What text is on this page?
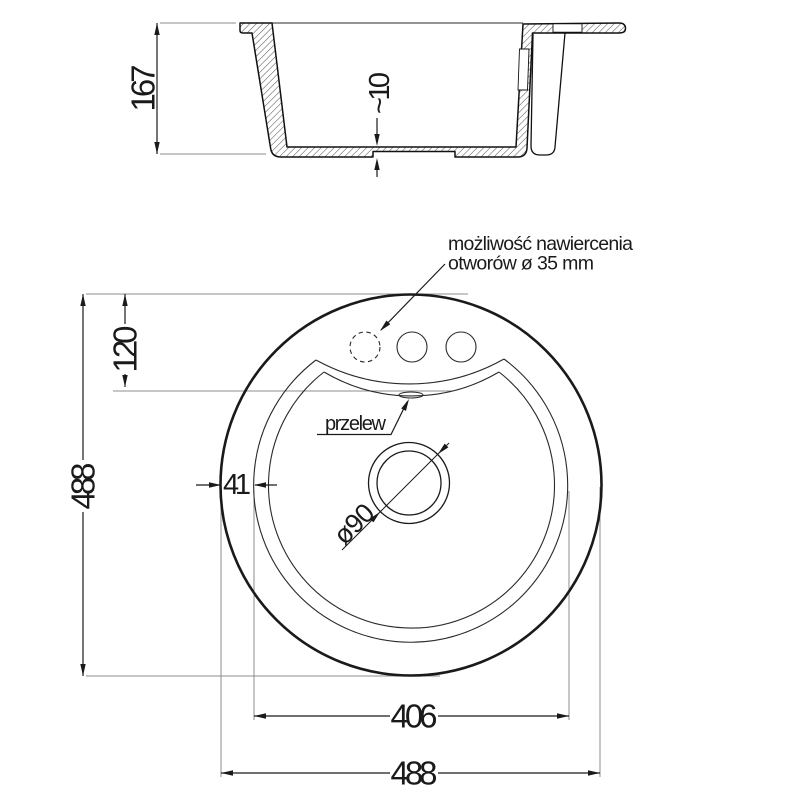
167
~10
ø90
488
120
41
406
488
możliwość nawiercenia
otworów ø 35 mm
przelew
